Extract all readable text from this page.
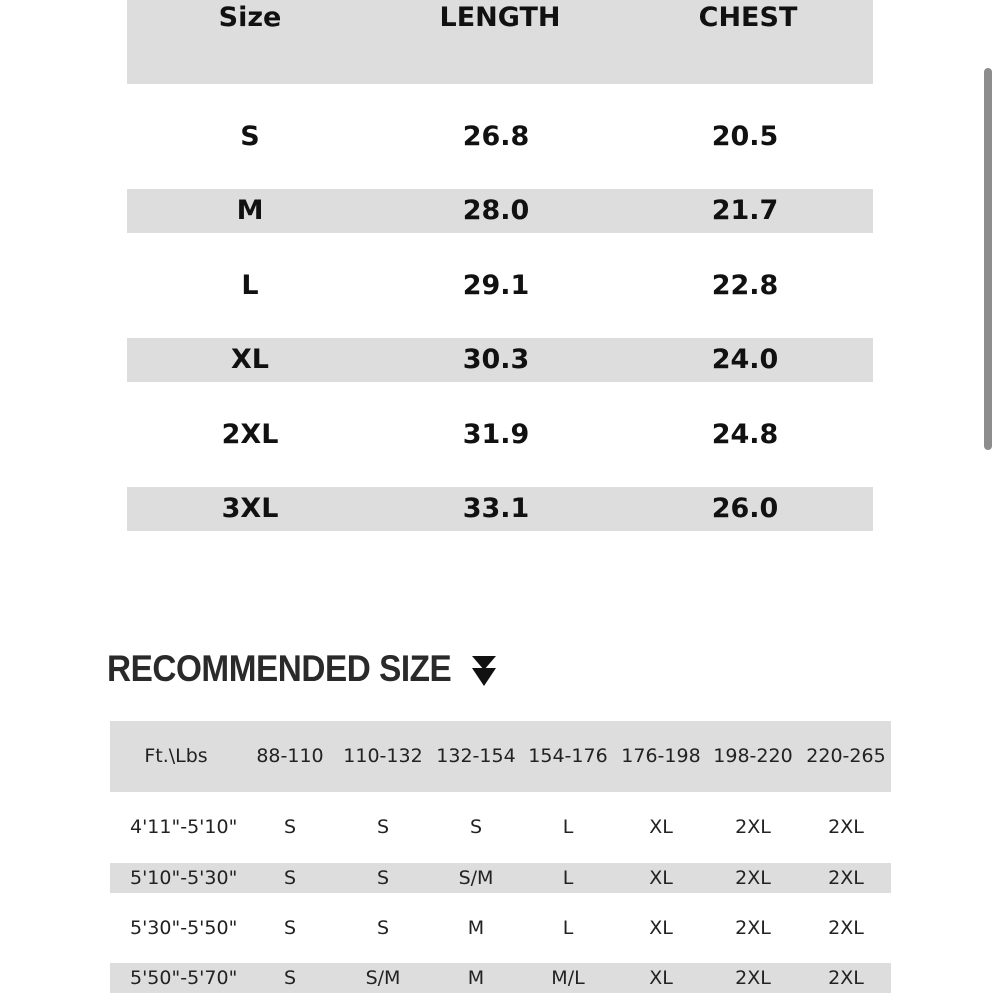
Size	LENGTH	CHEST
S	26.8	20.5
M	28.0	21.7
L	29.1	22.8
XL	30.3	24.0
2XL	31.9	24.8
3XL	33.1	26.0
RECOMMENDED SIZE
Ft.\Lbs	88-110	110-132 132-154 154-176 176-198 198-220 220-265
4'11"-5'10"	S	S	S	L	XL	2XL	2XL
5'10"-5'30"	S	S	S/M	L	XL	2XL	2XL
5'30"-5'50"	S	S	M	L	XL	2XL	2XL
5'50"-5'70"	S	S/M	M	M/L	XL	2XL	2XL
